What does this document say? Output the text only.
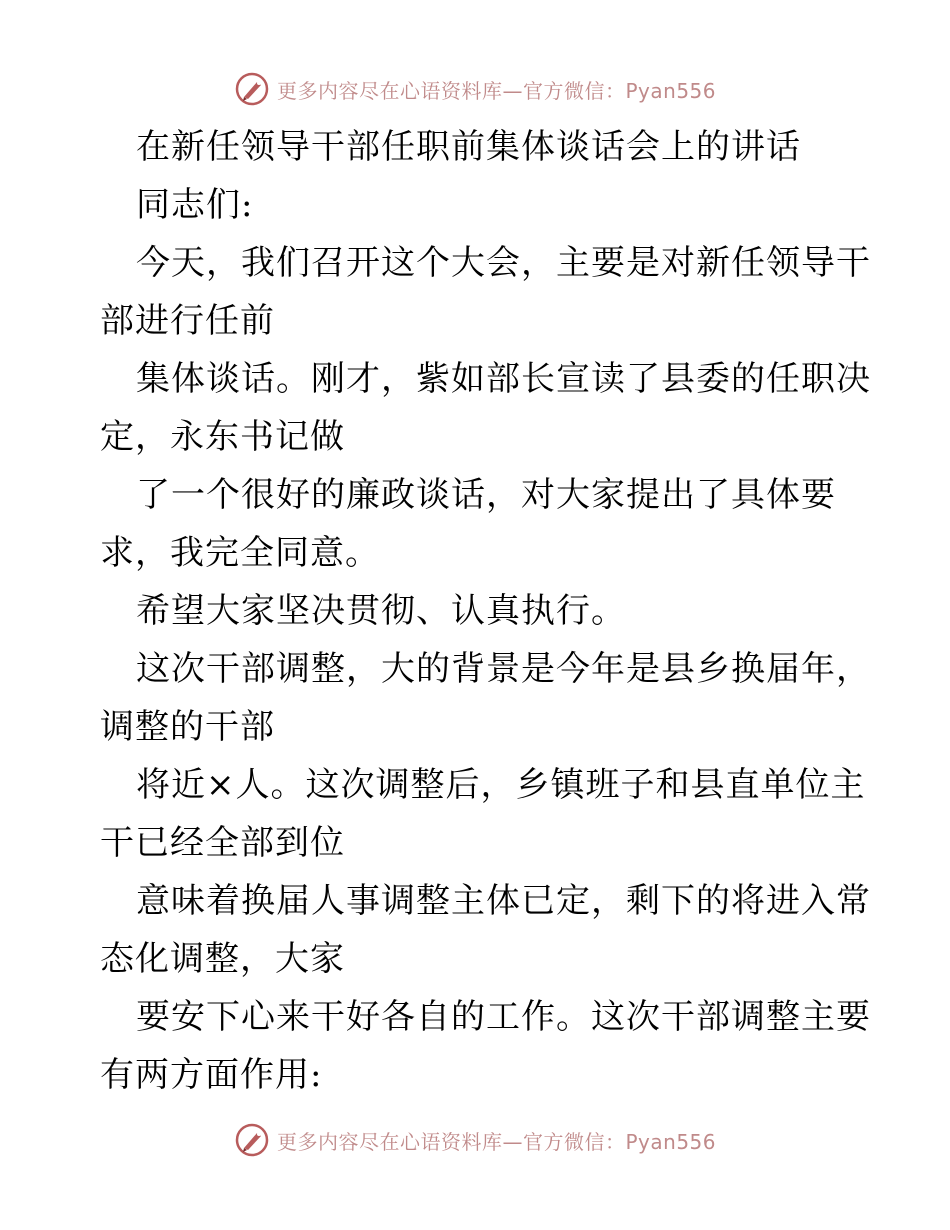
更多内容尽在心语资料库—官方微信：Pyan556

在新任领导干部任职前集体谈话会上的讲话

同志们:

今天，我们召开这个大会，主要是对新任领导干

部进行任前

集体谈话。刚才，紫如部长宣读了县委的任职决

定，永东书记做

了一个很好的廉政谈话，对大家提出了具体要

求，我完全同意。

希望大家坚决贯彻、认真执行。

这次干部调整，大的背景是今年是县乡换届年，

调整的干部

将近×人。这次调整后，乡镇班子和县直单位主

干已经全部到位

意味着换届人事调整主体已定，剩下的将进入常

态化调整，大家

要安下心来干好各自的工作。这次干部调整主要

有两方面作用:

更多内容尽在心语资料库—官方微信：Pyan556
